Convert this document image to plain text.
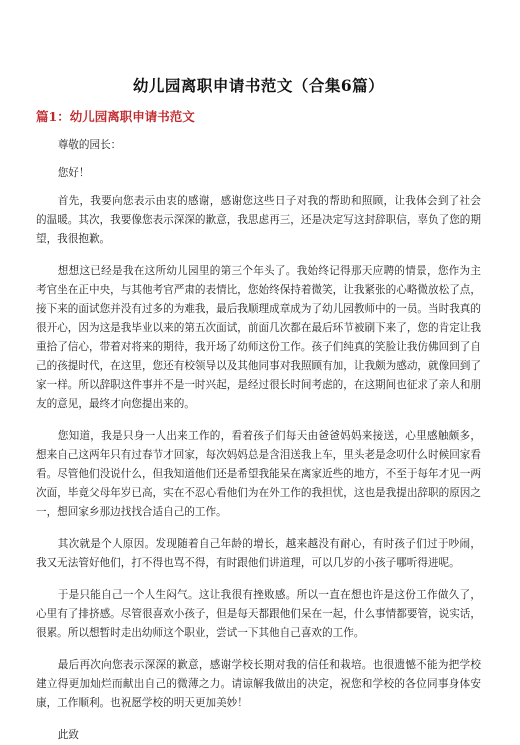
幼儿园离职申请书范文（合集6篇）
篇1：幼儿园离职申请书范文

尊敬的园长：

您好！

首先，我要向您表示由衷的感谢，感谢您这些日子对我的帮助和照顾，让我体会到了社会的温暖。其次，我要像您表示深深的歉意，我思虑再三，还是决定写这封辞职信，辜负了您的期望，我很抱歉。

想想这已经是我在这所幼儿园里的第三个年头了。我始终记得那天应聘的情景，您作为主考官坐在正中央，与其他考官严肃的表情比，您始终保持着微笑，让我紧张的心略微放松了点，接下来的面试您并没有过多的为难我，最后我顺理成章成为了幼儿园教师中的一员。当时我真的很开心，因为这是我毕业以来的第五次面试，前面几次都在最后环节被刷下来了，您的肯定让我重拾了信心，带着对将来的期待，我开场了幼师这份工作。孩子们纯真的笑脸让我仿佛回到了自己的孩提时代，在这里，您还有校领导以及其他同事对我照顾有加，让我颇为感动，就像回到了家一样。所以辞职这件事并不是一时兴起，是经过很长时间考虑的，在这期间也征求了亲人和朋友的意见，最终才向您提出来的。

您知道，我是只身一人出来工作的，看着孩子们每天由爸爸妈妈来接送，心里感触颇多，想来自己这两年只有过春节才回家，每次妈妈总是含泪送我上车，里头老是念叨什么时候回家看看。尽管他们没说什么，但我知道他们还是希望我能呆在离家近些的地方，不至于每年才见一两次面，毕竟父母年岁已高，实在不忍心看他们为在外工作的我担忧，这也是我提出辞职的原因之一，想回家乡那边找找合适自己的工作。

其次就是个人原因。发现随着自己年龄的增长，越来越没有耐心，有时孩子们过于吵闹，我又无法管好他们，打不得也骂不得，有时跟他们讲道理，可以几岁的小孩子哪听得进呢。

于是只能自己一个人生闷气。这让我很有挫败感。所以一直在想也许是这份工作做久了，心里有了排挤感。尽管很喜欢小孩子，但是每天都跟他们呆在一起，什么事情都要管，说实话，很累。所以想暂时走出幼师这个职业，尝试一下其他自己喜欢的工作。

最后再次向您表示深深的歉意，感谢学校长期对我的信任和栽培。也很遗憾不能为把学校建立得更加灿烂而献出自己的微薄之力。请谅解我做出的决定，祝您和学校的各位同事身体安康，工作顺利。也祝愿学校的明天更加美妙！

此致
